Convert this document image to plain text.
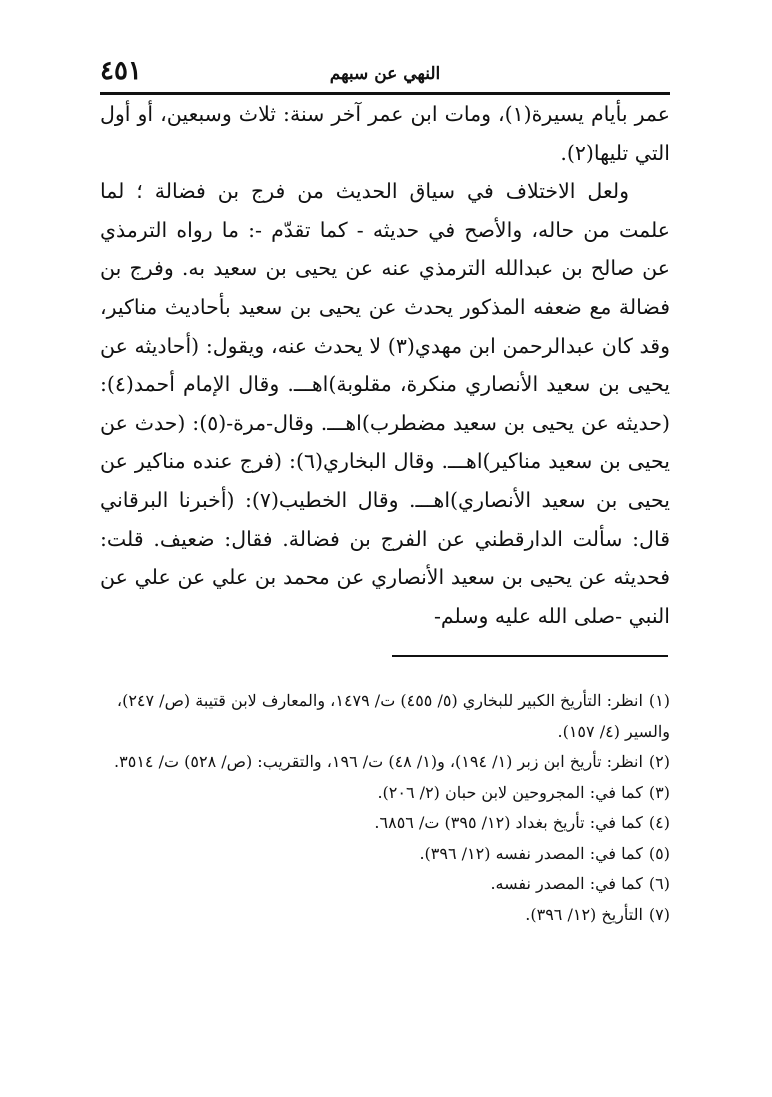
٤٥١	النهي عن سبهم

عمر بأيام يسيرة(١)، ومات ابن عمر آخر سنة: ثلاث وسبعين، أو أول التي تليها(٢).

ولعل الاختلاف في سياق الحديث من فرج بن فضالة ؛ لما علمت من حاله، والأصح في حديثه - كما تقدّم -: ما رواه الترمذي عن صالح بن عبدالله الترمذي عنه عن يحيى بن سعيد به. وفرج بن فضالة مع ضعفه المذكور يحدث عن يحيى بن سعيد بأحاديث مناكير، وقد كان عبدالرحمن ابن مهدي(٣) لا يحدث عنه، ويقول: (أحاديثه عن يحيى بن سعيد الأنصاري منكرة، مقلوبة)اهـــ. وقال الإمام أحمد(٤): (حديثه عن يحيى بن سعيد مضطرب)اهـــ. وقال-مرة-(٥): (حدث عن يحيى بن سعيد مناكير)اهـــ. وقال البخاري(٦): (فرج عنده مناكير عن يحيى بن سعيد الأنصاري)اهـــ. وقال الخطيب(٧): (أخبرنا البرقاني قال: سألت الدارقطني عن الفرج بن فضالة. فقال: ضعيف. قلت: فحديثه عن يحيى بن سعيد الأنصاري عن محمد بن علي عن علي عن النبي -صلى الله عليه وسلم-

(١)انظر: التأريخ الكبير للبخاري (٥/ ٤٥٥) ت/ ١٤٧٩، والمعارف لابن قتيبة (ص/ ٢٤٧)، والسير (٤/ ١٥٧).

(٢)انظر: تأريخ ابن زبر (١/ ١٩٤)، و(١/ ٤٨) ت/ ١٩٦، والتقريب: (ص/ ٥٢٨) ت/ ٣٥١٤.

(٣)كما في: المجروحين لابن حبان (٢/ ٢٠٦).

(٤)كما في: تأريخ بغداد (١٢/ ٣٩٥) ت/ ٦٨٥٦.

(٥)كما في: المصدر نفسه (١٢/ ٣٩٦).

(٦)كما في: المصدر نفسه.

(٧)التأريخ (١٢/ ٣٩٦).
